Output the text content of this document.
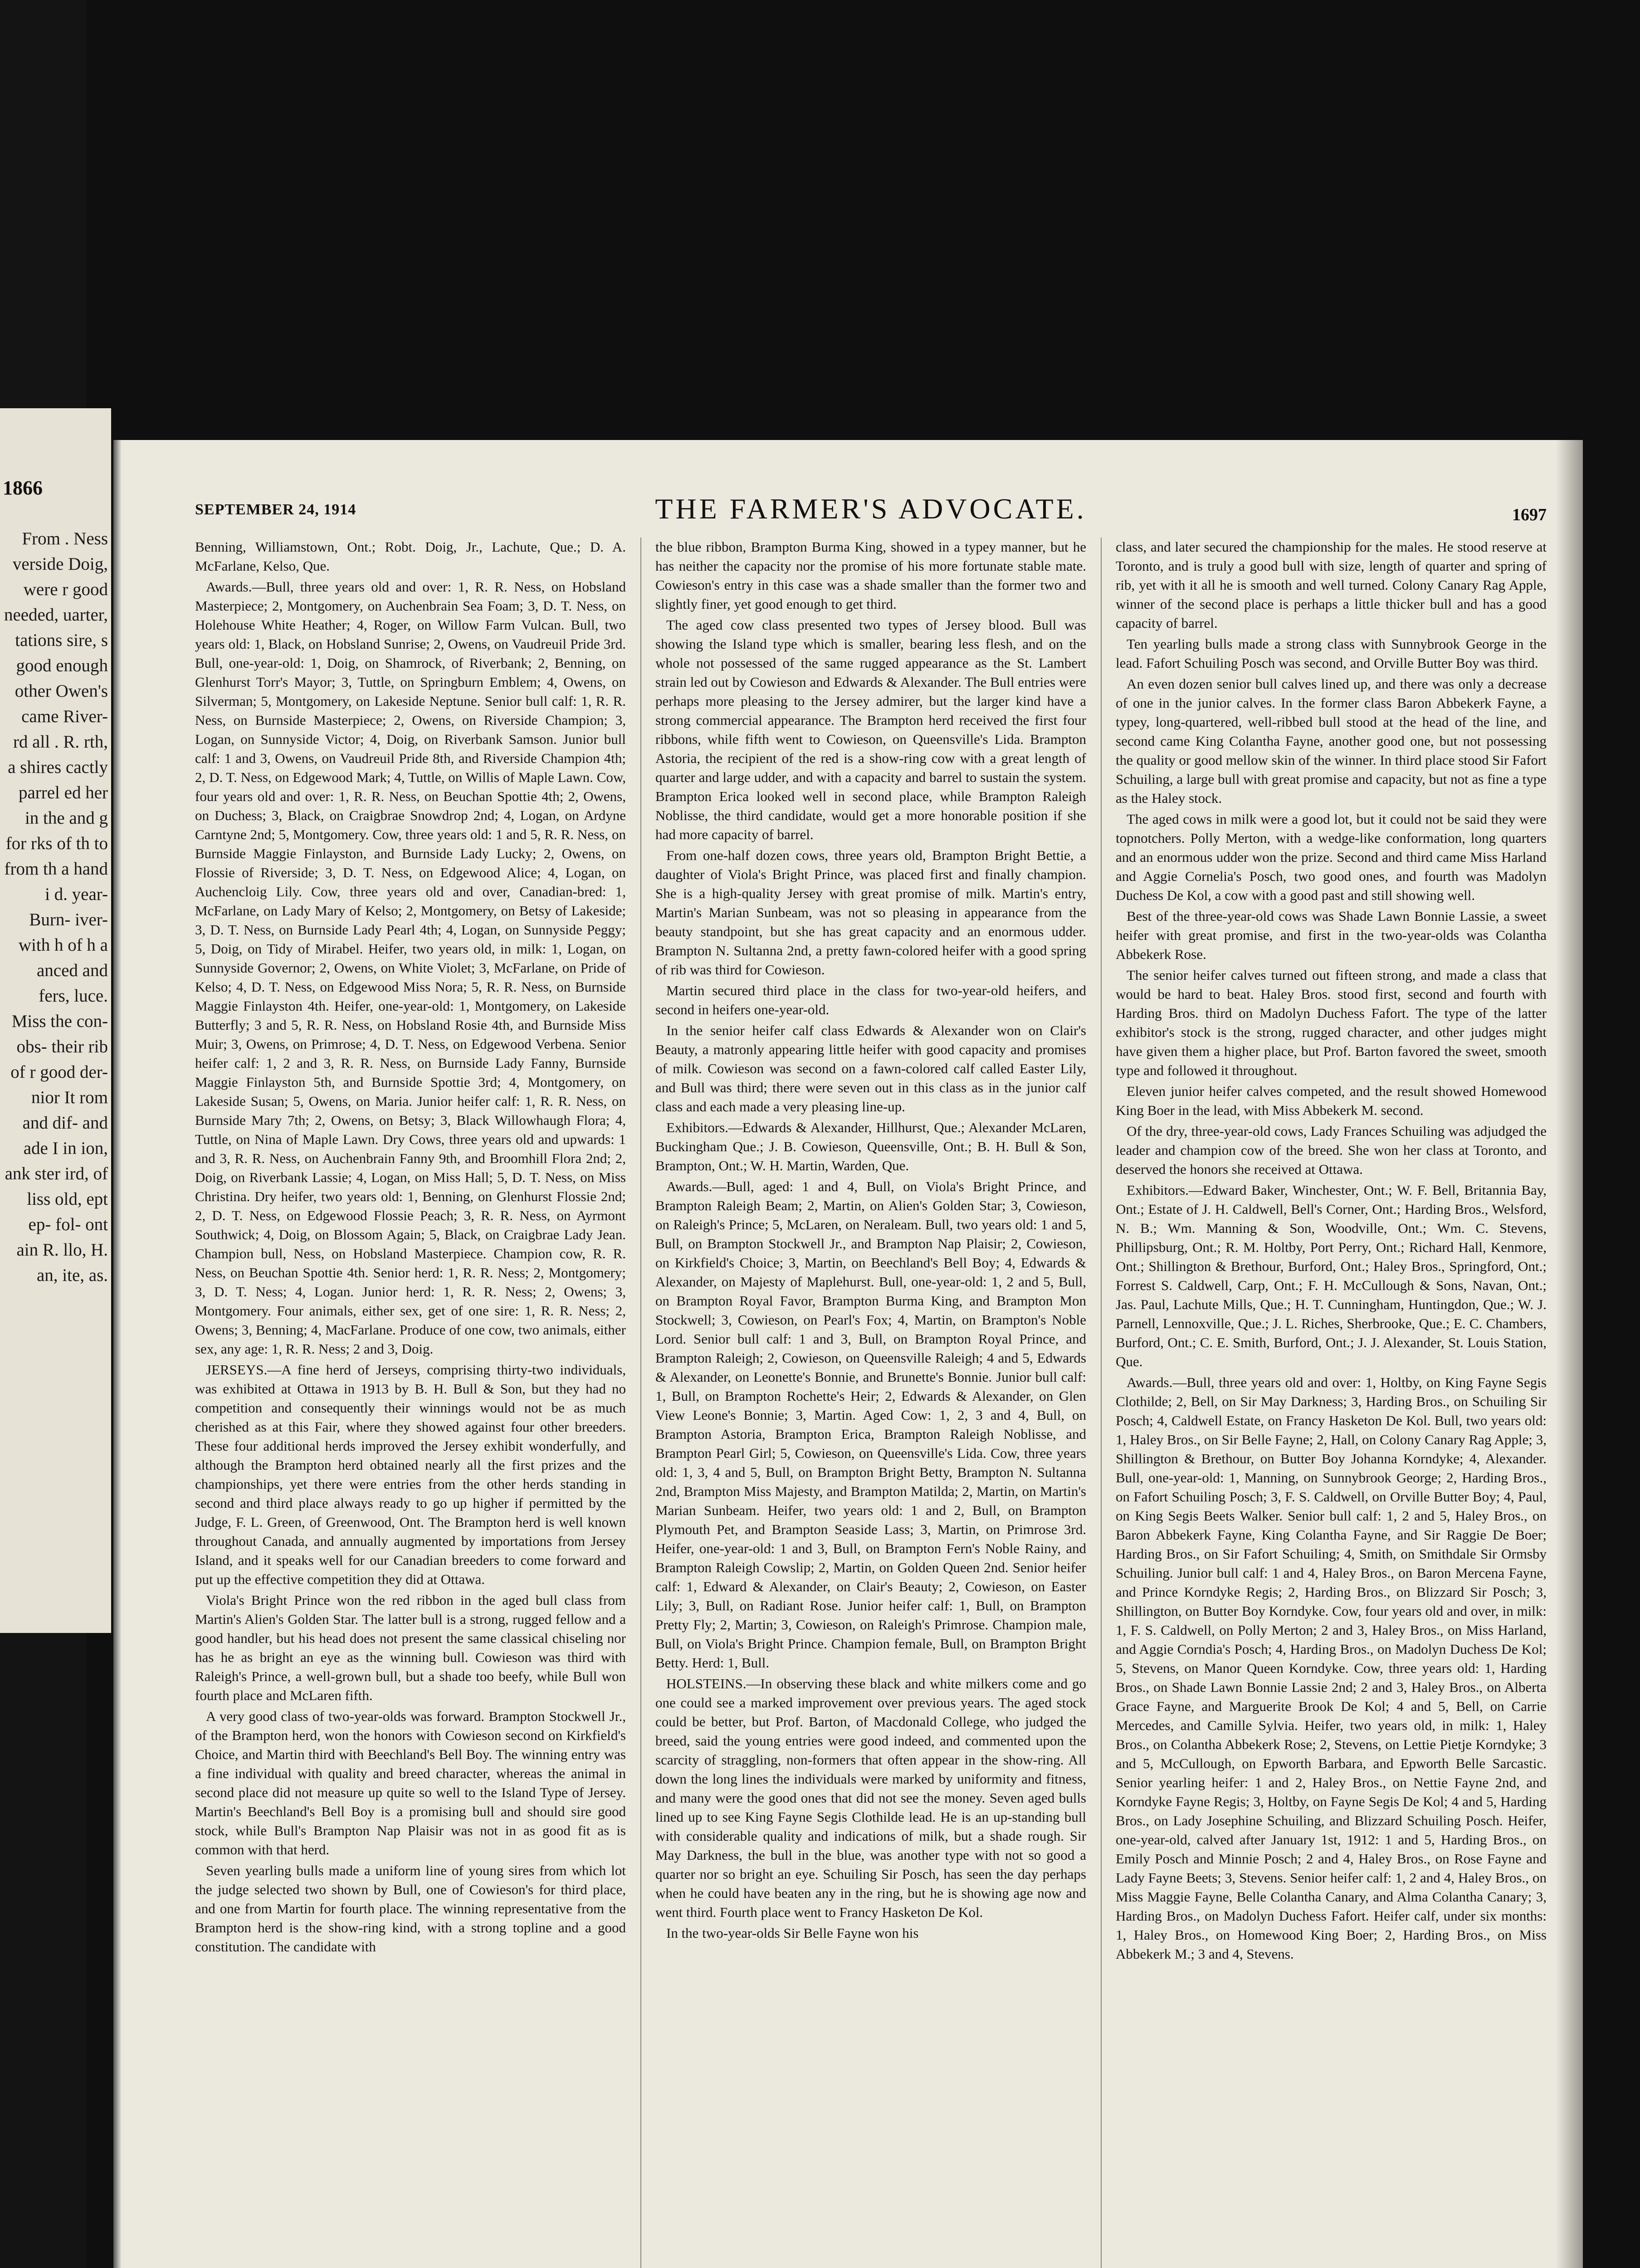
1866
From . Ness verside Doig, were r good needed, uarter, tations sire, s good enough other Owen's came River- rd all . R. rth, a shires cactly parrel ed her in the and g for rks of th to from th a hand i d. year- Burn- iver- with h of h a anced and fers, luce. Miss the con- obs- their rib of r good der- nior It rom and dif- and ade I in ion, ank ster ird, of liss old, ept ep- fol- ont ain R. llo, H. an, ite, as.
SEPTEMBER 24, 1914	THE FARMER'S ADVOCATE.	1697

Benning, Williamstown, Ont.; Robt. Doig, Jr., Lachute, Que.; D. A. McFarlane, Kelso, Que.

Awards.—Bull, three years old and over: 1, R. R. Ness, on Hobsland Masterpiece; 2, Montgomery, on Auchenbrain Sea Foam; 3, D. T. Ness, on Holehouse White Heather; 4, Roger, on Willow Farm Vulcan. Bull, two years old: 1, Black, on Hobsland Sunrise; 2, Owens, on Vaudreuil Pride 3rd. Bull, one-year-old: 1, Doig, on Shamrock, of Riverbank; 2, Benning, on Glenhurst Torr's Mayor; 3, Tuttle, on Springburn Emblem; 4, Owens, on Silverman; 5, Montgomery, on Lakeside Neptune. Senior bull calf: 1, R. R. Ness, on Burnside Masterpiece; 2, Owens, on Riverside Champion; 3, Logan, on Sunnyside Victor; 4, Doig, on Riverbank Samson. Junior bull calf: 1 and 3, Owens, on Vaudreuil Pride 8th, and Riverside Champion 4th; 2, D. T. Ness, on Edgewood Mark; 4, Tuttle, on Willis of Maple Lawn. Cow, four years old and over: 1, R. R. Ness, on Beuchan Spottie 4th; 2, Owens, on Duchess; 3, Black, on Craigbrae Snowdrop 2nd; 4, Logan, on Ardyne Carntyne 2nd; 5, Montgomery. Cow, three years old: 1 and 5, R. R. Ness, on Burnside Maggie Finlayston, and Burnside Lady Lucky; 2, Owens, on Flossie of Riverside; 3, D. T. Ness, on Edgewood Alice; 4, Logan, on Auchencloig Lily. Cow, three years old and over, Canadian-bred: 1, McFarlane, on Lady Mary of Kelso; 2, Montgomery, on Betsy of Lakeside; 3, D. T. Ness, on Burnside Lady Pearl 4th; 4, Logan, on Sunnyside Peggy; 5, Doig, on Tidy of Mirabel. Heifer, two years old, in milk: 1, Logan, on Sunnyside Governor; 2, Owens, on White Violet; 3, McFarlane, on Pride of Kelso; 4, D. T. Ness, on Edgewood Miss Nora; 5, R. R. Ness, on Burnside Maggie Finlayston 4th. Heifer, one-year-old: 1, Montgomery, on Lakeside Butterfly; 3 and 5, R. R. Ness, on Hobsland Rosie 4th, and Burnside Miss Muir; 3, Owens, on Primrose; 4, D. T. Ness, on Edgewood Verbena. Senior heifer calf: 1, 2 and 3, R. R. Ness, on Burnside Lady Fanny, Burnside Maggie Finlayston 5th, and Burnside Spottie 3rd; 4, Montgomery, on Lakeside Susan; 5, Owens, on Maria. Junior heifer calf: 1, R. R. Ness, on Burnside Mary 7th; 2, Owens, on Betsy; 3, Black Willowhaugh Flora; 4, Tuttle, on Nina of Maple Lawn. Dry Cows, three years old and upwards: 1 and 3, R. R. Ness, on Auchenbrain Fanny 9th, and Broomhill Flora 2nd; 2, Doig, on Riverbank Lassie; 4, Logan, on Miss Hall; 5, D. T. Ness, on Miss Christina. Dry heifer, two years old: 1, Benning, on Glenhurst Flossie 2nd; 2, D. T. Ness, on Edgewood Flossie Peach; 3, R. R. Ness, on Ayrmont Southwick; 4, Doig, on Blossom Again; 5, Black, on Craigbrae Lady Jean. Champion bull, Ness, on Hobsland Masterpiece. Champion cow, R. R. Ness, on Beuchan Spottie 4th. Senior herd: 1, R. R. Ness; 2, Montgomery; 3, D. T. Ness; 4, Logan. Junior herd: 1, R. R. Ness; 2, Owens; 3, Montgomery. Four animals, either sex, get of one sire: 1, R. R. Ness; 2, Owens; 3, Benning; 4, MacFarlane. Produce of one cow, two animals, either sex, any age: 1, R. R. Ness; 2 and 3, Doig.

JERSEYS.—A fine herd of Jerseys, comprising thirty-two individuals, was exhibited at Ottawa in 1913 by B. H. Bull & Son, but they had no competition and consequently their winnings would not be as much cherished as at this Fair, where they showed against four other breeders. These four additional herds improved the Jersey exhibit wonderfully, and although the Brampton herd obtained nearly all the first prizes and the championships, yet there were entries from the other herds standing in second and third place always ready to go up higher if permitted by the Judge, F. L. Green, of Greenwood, Ont. The Brampton herd is well known throughout Canada, and annually augmented by importations from Jersey Island, and it speaks well for our Canadian breeders to come forward and put up the effective competition they did at Ottawa.

Viola's Bright Prince won the red ribbon in the aged bull class from Martin's Alien's Golden Star. The latter bull is a strong, rugged fellow and a good handler, but his head does not present the same classical chiseling nor has he as bright an eye as the winning bull. Cowieson was third with Raleigh's Prince, a well-grown bull, but a shade too beefy, while Bull won fourth place and McLaren fifth.

A very good class of two-year-olds was forward. Brampton Stockwell Jr., of the Brampton herd, won the honors with Cowieson second on Kirkfield's Choice, and Martin third with Beechland's Bell Boy. The winning entry was a fine individual with quality and breed character, whereas the animal in second place did not measure up quite so well to the Island Type of Jersey. Martin's Beechland's Bell Boy is a promising bull and should sire good stock, while Bull's Brampton Nap Plaisir was not in as good fit as is common with that herd.

Seven yearling bulls made a uniform line of young sires from which lot the judge selected two shown by Bull, one of Cowieson's for third place, and one from Martin for fourth place. The winning representative from the Brampton herd is the show-ring kind, with a strong topline and a good constitution. The candidate with

the blue ribbon, Brampton Burma King, showed in a typey manner, but he has neither the capacity nor the promise of his more fortunate stable mate. Cowieson's entry in this case was a shade smaller than the former two and slightly finer, yet good enough to get third.

The aged cow class presented two types of Jersey blood. Bull was showing the Island type which is smaller, bearing less flesh, and on the whole not possessed of the same rugged appearance as the St. Lambert strain led out by Cowieson and Edwards & Alexander. The Bull entries were perhaps more pleasing to the Jersey admirer, but the larger kind have a strong commercial appearance. The Brampton herd received the first four ribbons, while fifth went to Cowieson, on Queensville's Lida. Brampton Astoria, the recipient of the red is a show-ring cow with a great length of quarter and large udder, and with a capacity and barrel to sustain the system. Brampton Erica looked well in second place, while Brampton Raleigh Noblisse, the third candidate, would get a more honorable position if she had more capacity of barrel.

From one-half dozen cows, three years old, Brampton Bright Bettie, a daughter of Viola's Bright Prince, was placed first and finally champion. She is a high-quality Jersey with great promise of milk. Martin's entry, Martin's Marian Sunbeam, was not so pleasing in appearance from the beauty standpoint, but she has great capacity and an enormous udder. Brampton N. Sultanna 2nd, a pretty fawn-colored heifer with a good spring of rib was third for Cowieson.

Martin secured third place in the class for two-year-old heifers, and second in heifers one-year-old.

In the senior heifer calf class Edwards & Alexander won on Clair's Beauty, a matronly appearing little heifer with good capacity and promises of milk. Cowieson was second on a fawn-colored calf called Easter Lily, and Bull was third; there were seven out in this class as in the junior calf class and each made a very pleasing line-up.

Exhibitors.—Edwards & Alexander, Hillhurst, Que.; Alexander McLaren, Buckingham Que.; J. B. Cowieson, Queensville, Ont.; B. H. Bull & Son, Brampton, Ont.; W. H. Martin, Warden, Que.

Awards.—Bull, aged: 1 and 4, Bull, on Viola's Bright Prince, and Brampton Raleigh Beam; 2, Martin, on Alien's Golden Star; 3, Cowieson, on Raleigh's Prince; 5, McLaren, on Neraleam. Bull, two years old: 1 and 5, Bull, on Brampton Stockwell Jr., and Brampton Nap Plaisir; 2, Cowieson, on Kirkfield's Choice; 3, Martin, on Beechland's Bell Boy; 4, Edwards & Alexander, on Majesty of Maplehurst. Bull, one-year-old: 1, 2 and 5, Bull, on Brampton Royal Favor, Brampton Burma King, and Brampton Mon Stockwell; 3, Cowieson, on Pearl's Fox; 4, Martin, on Brampton's Noble Lord. Senior bull calf: 1 and 3, Bull, on Brampton Royal Prince, and Brampton Raleigh; 2, Cowieson, on Queensville Raleigh; 4 and 5, Edwards & Alexander, on Leonette's Bonnie, and Brunette's Bonnie. Junior bull calf: 1, Bull, on Brampton Rochette's Heir; 2, Edwards & Alexander, on Glen View Leone's Bonnie; 3, Martin. Aged Cow: 1, 2, 3 and 4, Bull, on Brampton Astoria, Brampton Erica, Brampton Raleigh Noblisse, and Brampton Pearl Girl; 5, Cowieson, on Queensville's Lida. Cow, three years old: 1, 3, 4 and 5, Bull, on Brampton Bright Betty, Brampton N. Sultanna 2nd, Brampton Miss Majesty, and Brampton Matilda; 2, Martin, on Martin's Marian Sunbeam. Heifer, two years old: 1 and 2, Bull, on Brampton Plymouth Pet, and Brampton Seaside Lass; 3, Martin, on Primrose 3rd. Heifer, one-year-old: 1 and 3, Bull, on Brampton Fern's Noble Rainy, and Brampton Raleigh Cowslip; 2, Martin, on Golden Queen 2nd. Senior heifer calf: 1, Edward & Alexander, on Clair's Beauty; 2, Cowieson, on Easter Lily; 3, Bull, on Radiant Rose. Junior heifer calf: 1, Bull, on Brampton Pretty Fly; 2, Martin; 3, Cowieson, on Raleigh's Primrose. Champion male, Bull, on Viola's Bright Prince. Champion female, Bull, on Brampton Bright Betty. Herd: 1, Bull.

HOLSTEINS.—In observing these black and white milkers come and go one could see a marked improvement over previous years. The aged stock could be better, but Prof. Barton, of Macdonald College, who judged the breed, said the young entries were good indeed, and commented upon the scarcity of straggling, non-formers that often appear in the show-ring. All down the long lines the individuals were marked by uniformity and fitness, and many were the good ones that did not see the money. Seven aged bulls lined up to see King Fayne Segis Clothilde lead. He is an up-standing bull with considerable quality and indications of milk, but a shade rough. Sir May Darkness, the bull in the blue, was another type with not so good a quarter nor so bright an eye. Schuiling Sir Posch, has seen the day perhaps when he could have beaten any in the ring, but he is showing age now and went third. Fourth place went to Francy Hasketon De Kol.

In the two-year-olds Sir Belle Fayne won his

class, and later secured the championship for the males. He stood reserve at Toronto, and is truly a good bull with size, length of quarter and spring of rib, yet with it all he is smooth and well turned. Colony Canary Rag Apple, winner of the second place is perhaps a little thicker bull and has a good capacity of barrel.

Ten yearling bulls made a strong class with Sunnybrook George in the lead. Fafort Schuiling Posch was second, and Orville Butter Boy was third.

An even dozen senior bull calves lined up, and there was only a decrease of one in the junior calves. In the former class Baron Abbekerk Fayne, a typey, long-quartered, well-ribbed bull stood at the head of the line, and second came King Colantha Fayne, another good one, but not possessing the quality or good mellow skin of the winner. In third place stood Sir Fafort Schuiling, a large bull with great promise and capacity, but not as fine a type as the Haley stock.

The aged cows in milk were a good lot, but it could not be said they were topnotchers. Polly Merton, with a wedge-like conformation, long quarters and an enormous udder won the prize. Second and third came Miss Harland and Aggie Cornelia's Posch, two good ones, and fourth was Madolyn Duchess De Kol, a cow with a good past and still showing well.

Best of the three-year-old cows was Shade Lawn Bonnie Lassie, a sweet heifer with great promise, and first in the two-year-olds was Colantha Abbekerk Rose.

The senior heifer calves turned out fifteen strong, and made a class that would be hard to beat. Haley Bros. stood first, second and fourth with Harding Bros. third on Madolyn Duchess Fafort. The type of the latter exhibitor's stock is the strong, rugged character, and other judges might have given them a higher place, but Prof. Barton favored the sweet, smooth type and followed it throughout.

Eleven junior heifer calves competed, and the result showed Homewood King Boer in the lead, with Miss Abbekerk M. second.

Of the dry, three-year-old cows, Lady Frances Schuiling was adjudged the leader and champion cow of the breed. She won her class at Toronto, and deserved the honors she received at Ottawa.

Exhibitors.—Edward Baker, Winchester, Ont.; W. F. Bell, Britannia Bay, Ont.; Estate of J. H. Caldwell, Bell's Corner, Ont.; Harding Bros., Welsford, N. B.; Wm. Manning & Son, Woodville, Ont.; Wm. C. Stevens, Phillipsburg, Ont.; R. M. Holtby, Port Perry, Ont.; Richard Hall, Kenmore, Ont.; Shillington & Brethour, Burford, Ont.; Haley Bros., Springford, Ont.; Forrest S. Caldwell, Carp, Ont.; F. H. McCullough & Sons, Navan, Ont.; Jas. Paul, Lachute Mills, Que.; H. T. Cunningham, Huntingdon, Que.; W. J. Parnell, Lennoxville, Que.; J. L. Riches, Sherbrooke, Que.; E. C. Chambers, Burford, Ont.; C. E. Smith, Burford, Ont.; J. J. Alexander, St. Louis Station, Que.

Awards.—Bull, three years old and over: 1, Holtby, on King Fayne Segis Clothilde; 2, Bell, on Sir May Darkness; 3, Harding Bros., on Schuiling Sir Posch; 4, Caldwell Estate, on Francy Hasketon De Kol. Bull, two years old: 1, Haley Bros., on Sir Belle Fayne; 2, Hall, on Colony Canary Rag Apple; 3, Shillington & Brethour, on Butter Boy Johanna Korndyke; 4, Alexander. Bull, one-year-old: 1, Manning, on Sunnybrook George; 2, Harding Bros., on Fafort Schuiling Posch; 3, F. S. Caldwell, on Orville Butter Boy; 4, Paul, on King Segis Beets Walker. Senior bull calf: 1, 2 and 5, Haley Bros., on Baron Abbekerk Fayne, King Colantha Fayne, and Sir Raggie De Boer; Harding Bros., on Sir Fafort Schuiling; 4, Smith, on Smithdale Sir Ormsby Schuiling. Junior bull calf: 1 and 4, Haley Bros., on Baron Mercena Fayne, and Prince Korndyke Regis; 2, Harding Bros., on Blizzard Sir Posch; 3, Shillington, on Butter Boy Korndyke. Cow, four years old and over, in milk: 1, F. S. Caldwell, on Polly Merton; 2 and 3, Haley Bros., on Miss Harland, and Aggie Corndia's Posch; 4, Harding Bros., on Madolyn Duchess De Kol; 5, Stevens, on Manor Queen Korndyke. Cow, three years old: 1, Harding Bros., on Shade Lawn Bonnie Lassie 2nd; 2 and 3, Haley Bros., on Alberta Grace Fayne, and Marguerite Brook De Kol; 4 and 5, Bell, on Carrie Mercedes, and Camille Sylvia. Heifer, two years old, in milk: 1, Haley Bros., on Colantha Abbekerk Rose; 2, Stevens, on Lettie Pietje Korndyke; 3 and 5, McCullough, on Epworth Barbara, and Epworth Belle Sarcastic. Senior yearling heifer: 1 and 2, Haley Bros., on Nettie Fayne 2nd, and Korndyke Fayne Regis; 3, Holtby, on Fayne Segis De Kol; 4 and 5, Harding Bros., on Lady Josephine Schuiling, and Blizzard Schuiling Posch. Heifer, one-year-old, calved after January 1st, 1912: 1 and 5, Harding Bros., on Emily Posch and Minnie Posch; 2 and 4, Haley Bros., on Rose Fayne and Lady Fayne Beets; 3, Stevens. Senior heifer calf: 1, 2 and 4, Haley Bros., on Miss Maggie Fayne, Belle Colantha Canary, and Alma Colantha Canary; 3, Harding Bros., on Madolyn Duchess Fafort. Heifer calf, under six months: 1, Haley Bros., on Homewood King Boer; 2, Harding Bros., on Miss Abbekerk M.; 3 and 4, Stevens.
